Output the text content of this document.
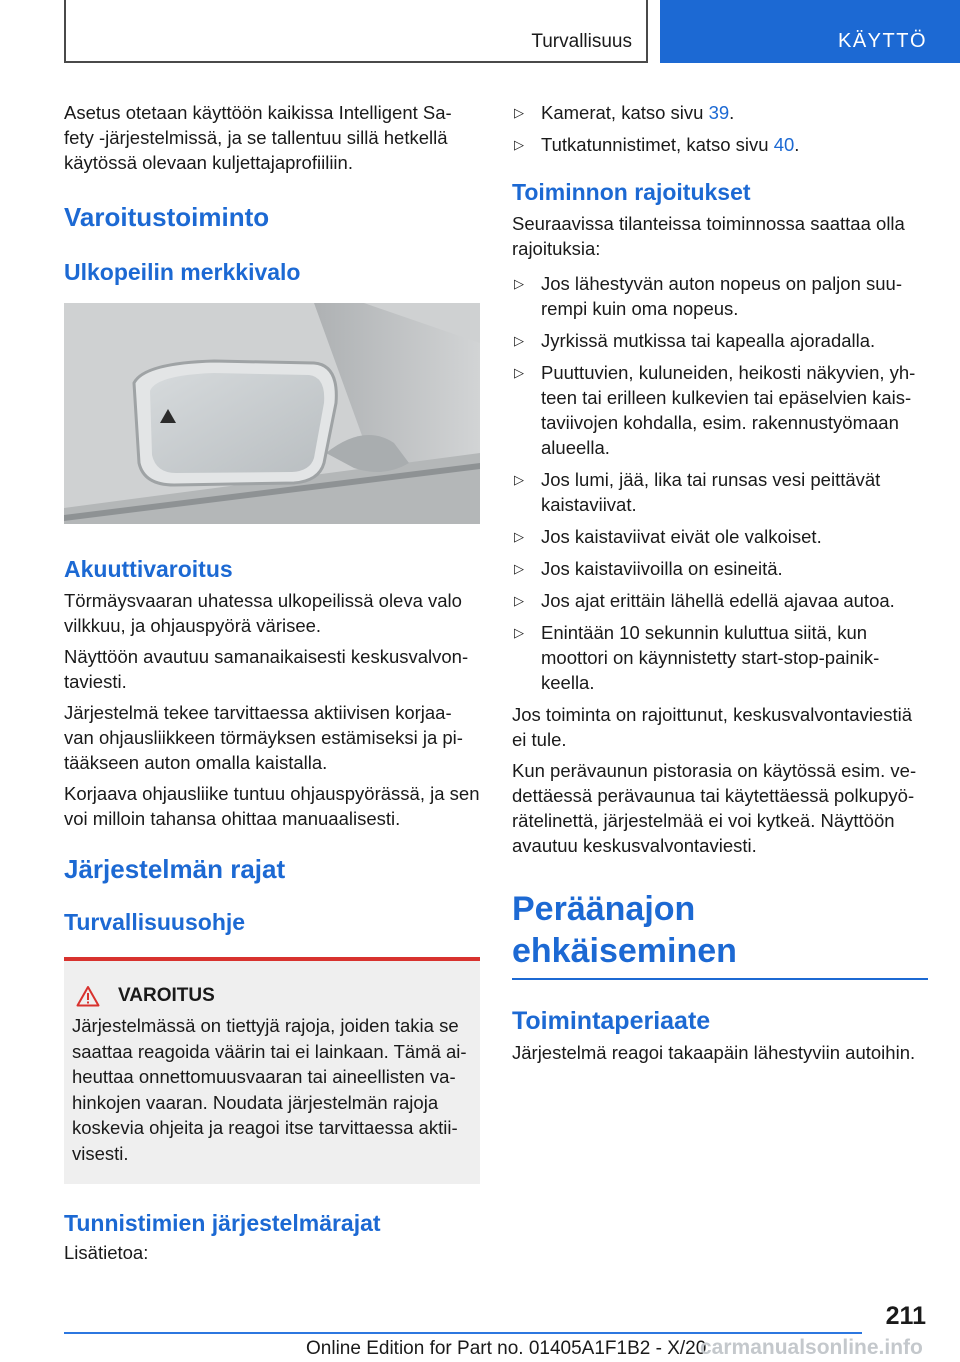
Turvallisuus	KÄYTTÖ

Asetus otetaan käyttöön kaikissa Intelligent Sa-fety -järjestelmissä, ja se tallentuu sillä hetkellä käytössä olevaan kuljettajaprofiiliin.

Varoitustoiminto
Ulkopeilin merkkivalo
Akuuttivaroitus

Törmäysvaaran uhatessa ulkopeilissä oleva valo vilkkuu, ja ohjauspyörä värisee.

Näyttöön avautuu samanaikaisesti keskusvalvon-taviesti.

Järjestelmä tekee tarvittaessa aktiivisen korjaa-van ohjausliikkeen törmäyksen estämiseksi ja pi-tääkseen auton omalla kaistalla.

Korjaava ohjausliike tuntuu ohjauspyörässä, ja sen voi milloin tahansa ohittaa manuaalisesti.

Järjestelmän rajat
Turvallisuusohje
VAROITUS

Järjestelmässä on tiettyjä rajoja, joiden takia se saattaa reagoida väärin tai ei lainkaan. Tämä ai-heuttaa onnettomuusvaaran tai aineellisten va-hinkojen vaaran. Noudata järjestelmän rajoja koskevia ohjeita ja reagoi itse tarvittaessa aktii-visesti.

Tunnistimien järjestelmärajat

Lisätietoa:

▷ Kamerat, katso sivu 39.
▷ Tutkatunnistimet, katso sivu 40.
Toiminnon rajoitukset

Seuraavissa tilanteissa toiminnossa saattaa olla rajoituksia:

▷ Jos lähestyvän auton nopeus on paljon suu-rempi kuin oma nopeus.
▷ Jyrkissä mutkissa tai kapealla ajoradalla.
▷ Puuttuvien, kuluneiden, heikosti näkyvien, yh-teen tai erilleen kulkevien tai epäselvien kais-taviivojen kohdalla, esim. rakennustyömaan alueella.
▷ Jos lumi, jää, lika tai runsas vesi peittävät kaistaviivat.
▷ Jos kaistaviivat eivät ole valkoiset.
▷ Jos kaistaviivoilla on esineitä.
▷ Jos ajat erittäin lähellä edellä ajavaa autoa.
▷ Enintään 10 sekunnin kuluttua siitä, kun moottori on käynnistetty start-stop-painik-keella.

Jos toiminta on rajoittunut, keskusvalvontaviestiä ei tule.

Kun perävaunun pistorasia on käytössä esim. ve-dettäessä perävaunua tai käytettäessä polkupyö-rätelinettä, järjestelmää ei voi kytkeä. Näyttöön avautuu keskusvalvontaviesti.

Peräänajon ehkäiseminen
Toimintaperiaate

Järjestelmä reagoi takaapäin lähestyviin autoihin.

211
Online Edition for Part no. 01405A1F1B2 - X/20
carmanualsonline.info
